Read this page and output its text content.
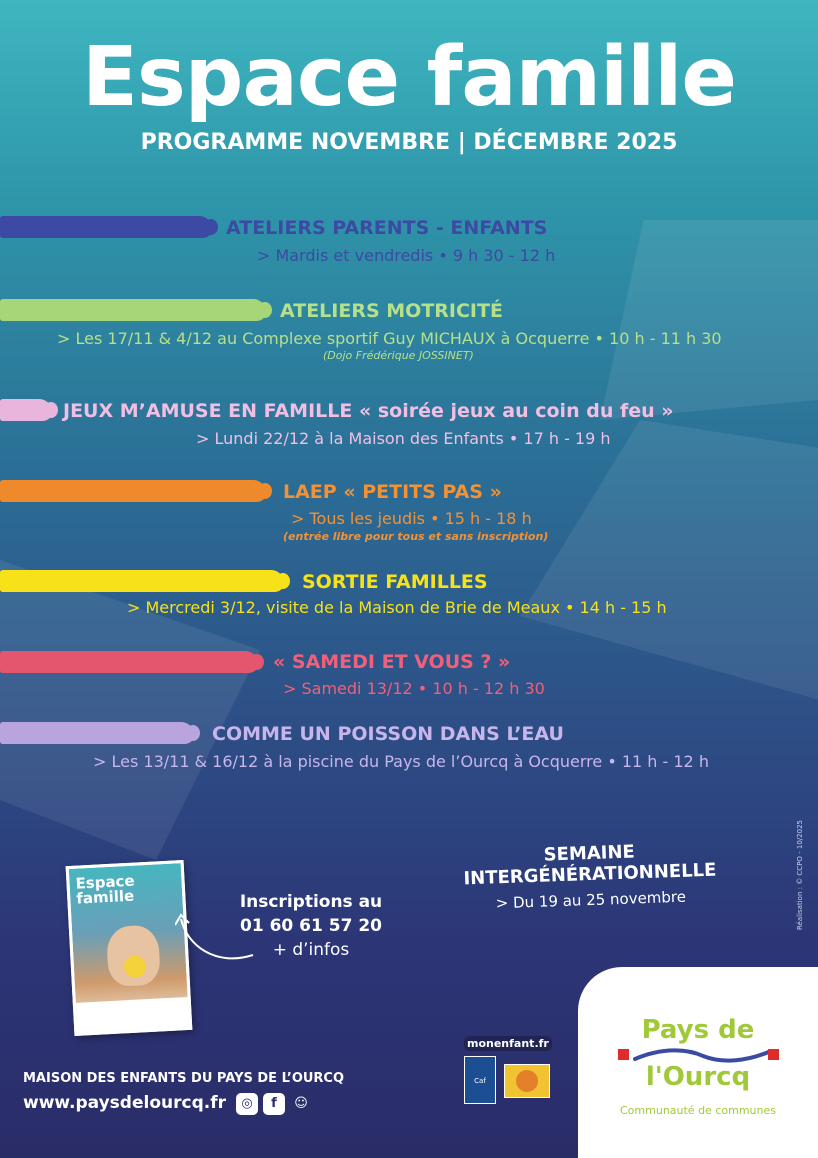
Espace famille
PROGRAMME NOVEMBRE | DÉCEMBRE 2025
ATELIERS PARENTS - ENFANTS
> Mardis et vendredis • 9 h 30 - 12 h
ATELIERS MOTRICITÉ
> Les 17/11 & 4/12 au Complexe sportif Guy MICHAUX à Ocquerre • 10 h - 11 h 30
(Dojo Frédérique JOSSINET)
JEUX M’AMUSE EN FAMILLE « soirée jeux au coin du feu »
> Lundi 22/12 à la Maison des Enfants • 17 h - 19 h
LAEP « PETITS PAS »
> Tous les jeudis • 15 h - 18 h
(entrée libre pour tous et sans inscription)
SORTIE FAMILLES
> Mercredi 3/12, visite de la Maison de Brie de Meaux • 14 h - 15 h
« SAMEDI ET VOUS ? »
> Samedi 13/12 • 10 h - 12 h 30
COMME UN POISSON DANS L’EAU
> Les 13/11 & 16/12 à la piscine du Pays de l’Ourcq à Ocquerre • 11 h - 12 h
Espace
famille	Inscriptions au
01 60 61 57 20
+ d’infos
SEMAINE
INTERGÉNÉRATIONNELLE
> Du 19 au 25 novembre	Réalisation : © CCPO - 10/2025
MAISON DES ENFANTS DU PAYS DE L’OURCQ
www.paysdelourcq.fr	◎	f	☺
monenfant.fr
Caf
Pays de
l'Ourcq
Communauté de communes
